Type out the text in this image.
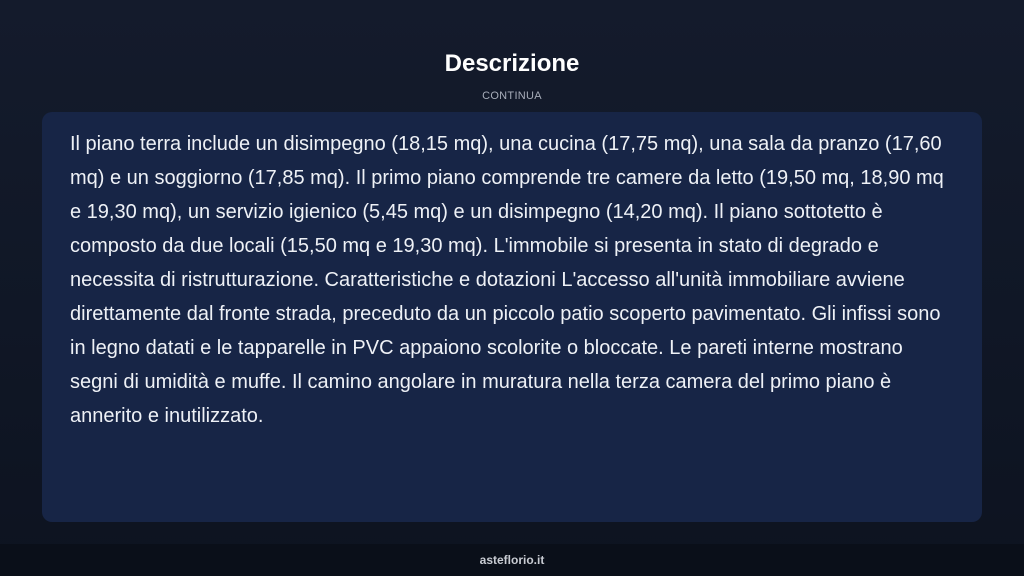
Descrizione
CONTINUA

Il piano terra include un disimpegno (18,15 mq), una cucina (17,75 mq), una sala da pranzo (17,60 mq) e un soggiorno (17,85 mq). Il primo piano comprende tre camere da letto (19,50 mq, 18,90 mq e 19,30 mq), un servizio igienico (5,45 mq) e un disimpegno (14,20 mq). Il piano sottotetto è composto da due locali (15,50 mq e 19,30 mq). L'immobile si presenta in stato di degrado e necessita di ristrutturazione. Caratteristiche e dotazioni L'accesso all'unità immobiliare avviene direttamente dal fronte strada, preceduto da un piccolo patio scoperto pavimentato. Gli infissi sono in legno datati e le tapparelle in PVC appaiono scolorite o bloccate. Le pareti interne mostrano segni di umidità e muffe. Il camino angolare in muratura nella terza camera del primo piano è annerito e inutilizzato.

asteflorio.it
